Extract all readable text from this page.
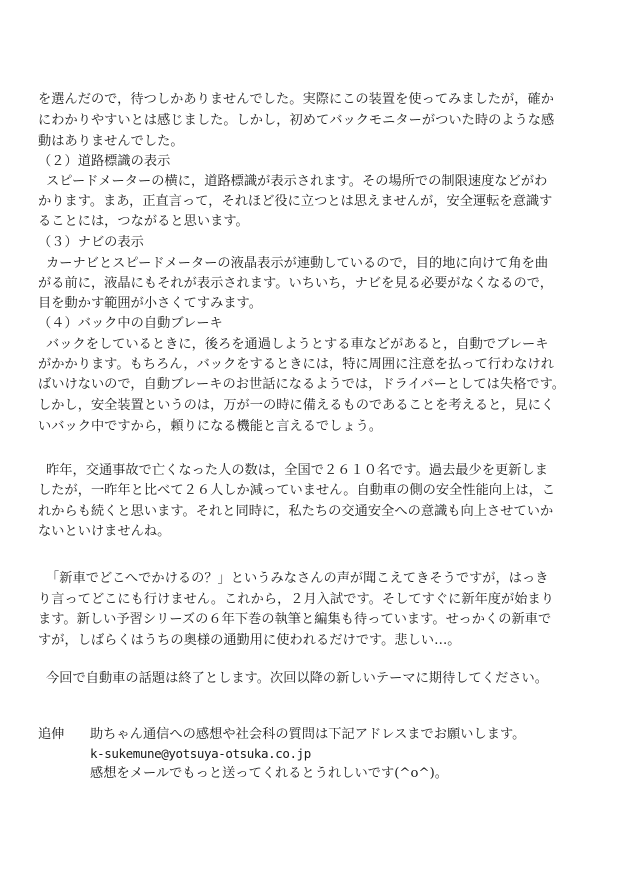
を選んだので，待つしかありませんでした。実際にこの装置を使ってみましたが，確か
にわかりやすいとは感じました。しかし，初めてバックモニターがついた時のような感
動はありませんでした。
（２）道路標識の表示
スピードメーターの横に，道路標識が表示されます。その場所での制限速度などがわ
かります。まあ，正直言って，それほど役に立つとは思えませんが，安全運転を意識す
ることには，つながると思います。
（３）ナビの表示
カーナビとスピードメーターの液晶表示が連動しているので，目的地に向けて角を曲
がる前に，液晶にもそれが表示されます。いちいち，ナビを見る必要がなくなるので，
目を動かす範囲が小さくてすみます。
（４）バック中の自動ブレーキ
バックをしているときに，後ろを通過しようとする車などがあると，自動でブレーキ
がかかります。もちろん，バックをするときには，特に周囲に注意を払って行わなけれ
ばいけないので，自動ブレーキのお世話になるようでは，ドライバーとしては失格です。
しかし，安全装置というのは，万が一の時に備えるものであることを考えると，見にく
いバック中ですから，頼りになる機能と言えるでしょう。
昨年，交通事故で亡くなった人の数は，全国で２６１０名です。過去最少を更新しま
したが，一昨年と比べて２６人しか減っていません。自動車の側の安全性能向上は，こ
れからも続くと思います。それと同時に，私たちの交通安全への意識も向上させていか
ないといけませんね。
「新車でどこへでかけるの？」というみなさんの声が聞こえてきそうですが，はっき
り言ってどこにも行けません。これから，２月入試です。そしてすぐに新年度が始まり
ます。新しい予習シリーズの６年下巻の執筆と編集も待っています。せっかくの新車で
すが，しばらくはうちの奥様の通勤用に使われるだけです。悲しい…。
今回で自動車の話題は終了とします。次回以降の新しいテーマに期待してください。
追伸 助ちゃん通信への感想や社会科の質問は下記アドレスまでお願いします。
k-sukemune@yotsuya-otsuka.co.jp
感想をメールでもっと送ってくれるとうれしいです(^o^)。
